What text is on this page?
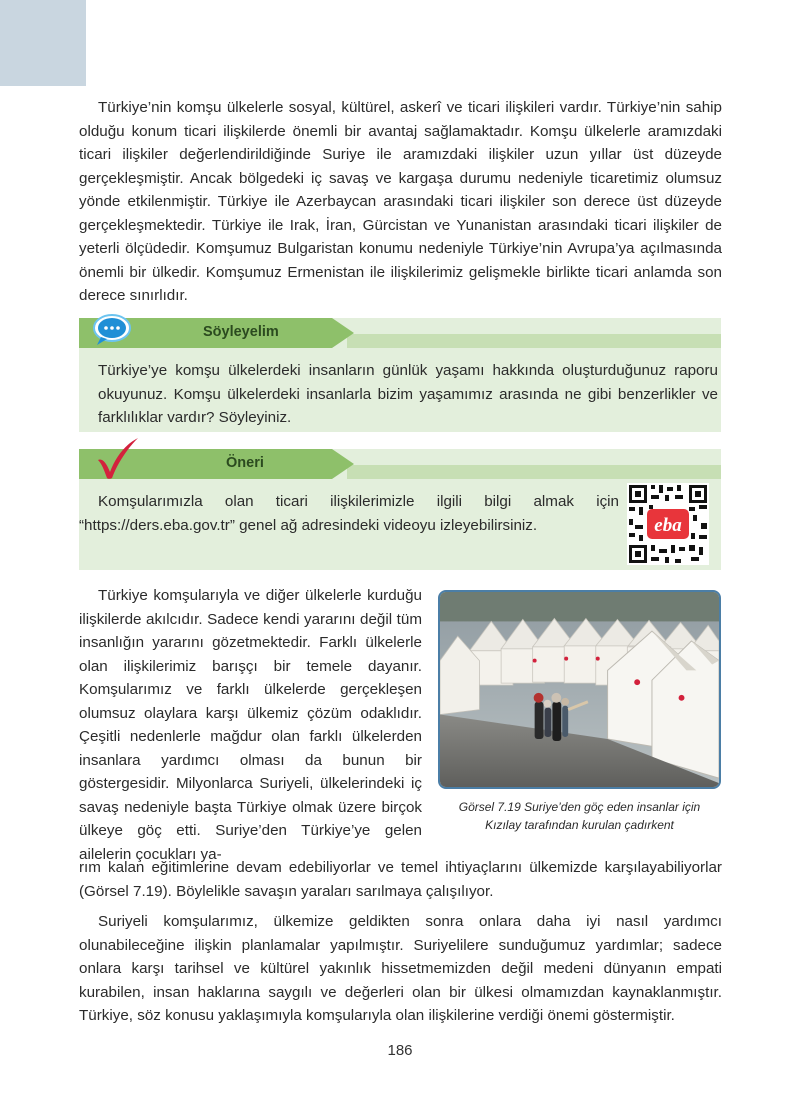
Türkiye’nin komşu ülkelerle sosyal, kültürel, askerî ve ticari ilişkileri vardır. Türkiye’nin sahip olduğu konum ticari ilişkilerde önemli bir avantaj sağlamaktadır. Komşu ülkelerle aramızdaki ticari ilişkiler değerlendirildiğinde Suriye ile aramızdaki ilişkiler uzun yıllar üst düzeyde gerçekleşmiştir. Ancak bölgedeki iç savaş ve kargaşa durumu nedeniyle ticaretimiz olumsuz yönde etkilenmiştir. Türkiye ile Azerbaycan arasındaki ticari ilişkiler son derece üst düzeyde gerçekleşmektedir. Türkiye ile Irak, İran, Gürcistan ve Yunanistan arasındaki ticari ilişkiler de yeterli ölçüdedir. Komşumuz Bulgaristan konumu nedeniyle Türkiye’nin Avrupa’ya açılmasında önemli bir ülkedir. Komşumuz Ermenistan ile ilişkilerimiz gelişmekle birlikte ticari anlamda son derece sınırlıdır.

Söyleyelim

Türkiye’ye komşu ülkelerdeki insanların günlük yaşamı hakkında oluşturduğunuz raporu okuyunuz. Komşu ülkelerdeki insanlarla bizim yaşamımız arasında ne gibi benzerlikler ve farklılıklar vardır? Söyleyiniz.

Öneri

Komşularımızla olan ticari ilişkilerimizle ilgili bilgi almak için “https://ders.eba.gov.tr” genel ağ adresindeki videoyu izleyebilirsiniz.	eba

Türkiye komşularıyla ve diğer ülkelerle kurduğu ilişkilerde akılcıdır. Sadece kendi yararını değil tüm insanlığın yararını gözetmektedir. Farklı ülkelerle olan ilişkilerimiz barışçı bir temele dayanır. Komşularımız ve farklı ülkelerde gerçekleşen olumsuz olaylara karşı ülkemiz çözüm odaklıdır. Çeşitli nedenlerle mağdur olan farklı ülkelerden insanlara yardımcı olması da bunun bir göstergesidir. Milyonlarca Suriyeli, ülkelerindeki iç savaş nedeniyle başta Türkiye olmak üzere birçok ülkeye göç etti. Suriye’den Türkiye’ye gelen ailelerin çocukları ya-

Görsel 7.19 Suriye’den göç eden insanlar için
Kızılay tarafından kurulan çadırkent

rım kalan eğitimlerine devam edebiliyorlar ve temel ihtiyaçlarını ülkemizde karşılayabiliyorlar (Görsel 7.19). Böylelikle savaşın yaraları sarılmaya çalışılıyor.

Suriyeli komşularımız, ülkemize geldikten sonra onlara daha iyi nasıl yardımcı olunabileceğine ilişkin planlamalar yapılmıştır. Suriyelilere sunduğumuz yardımlar; sadece onlara karşı tarihsel ve kültürel yakınlık hissetmemizden değil medeni dünyanın empati kurabilen, insan haklarına saygılı ve değerleri olan bir ülkesi olmamızdan kaynaklanmıştır. Türkiye, söz konusu yaklaşımıyla komşularıyla olan ilişkilerine verdiği önemi göstermiştir.

186
